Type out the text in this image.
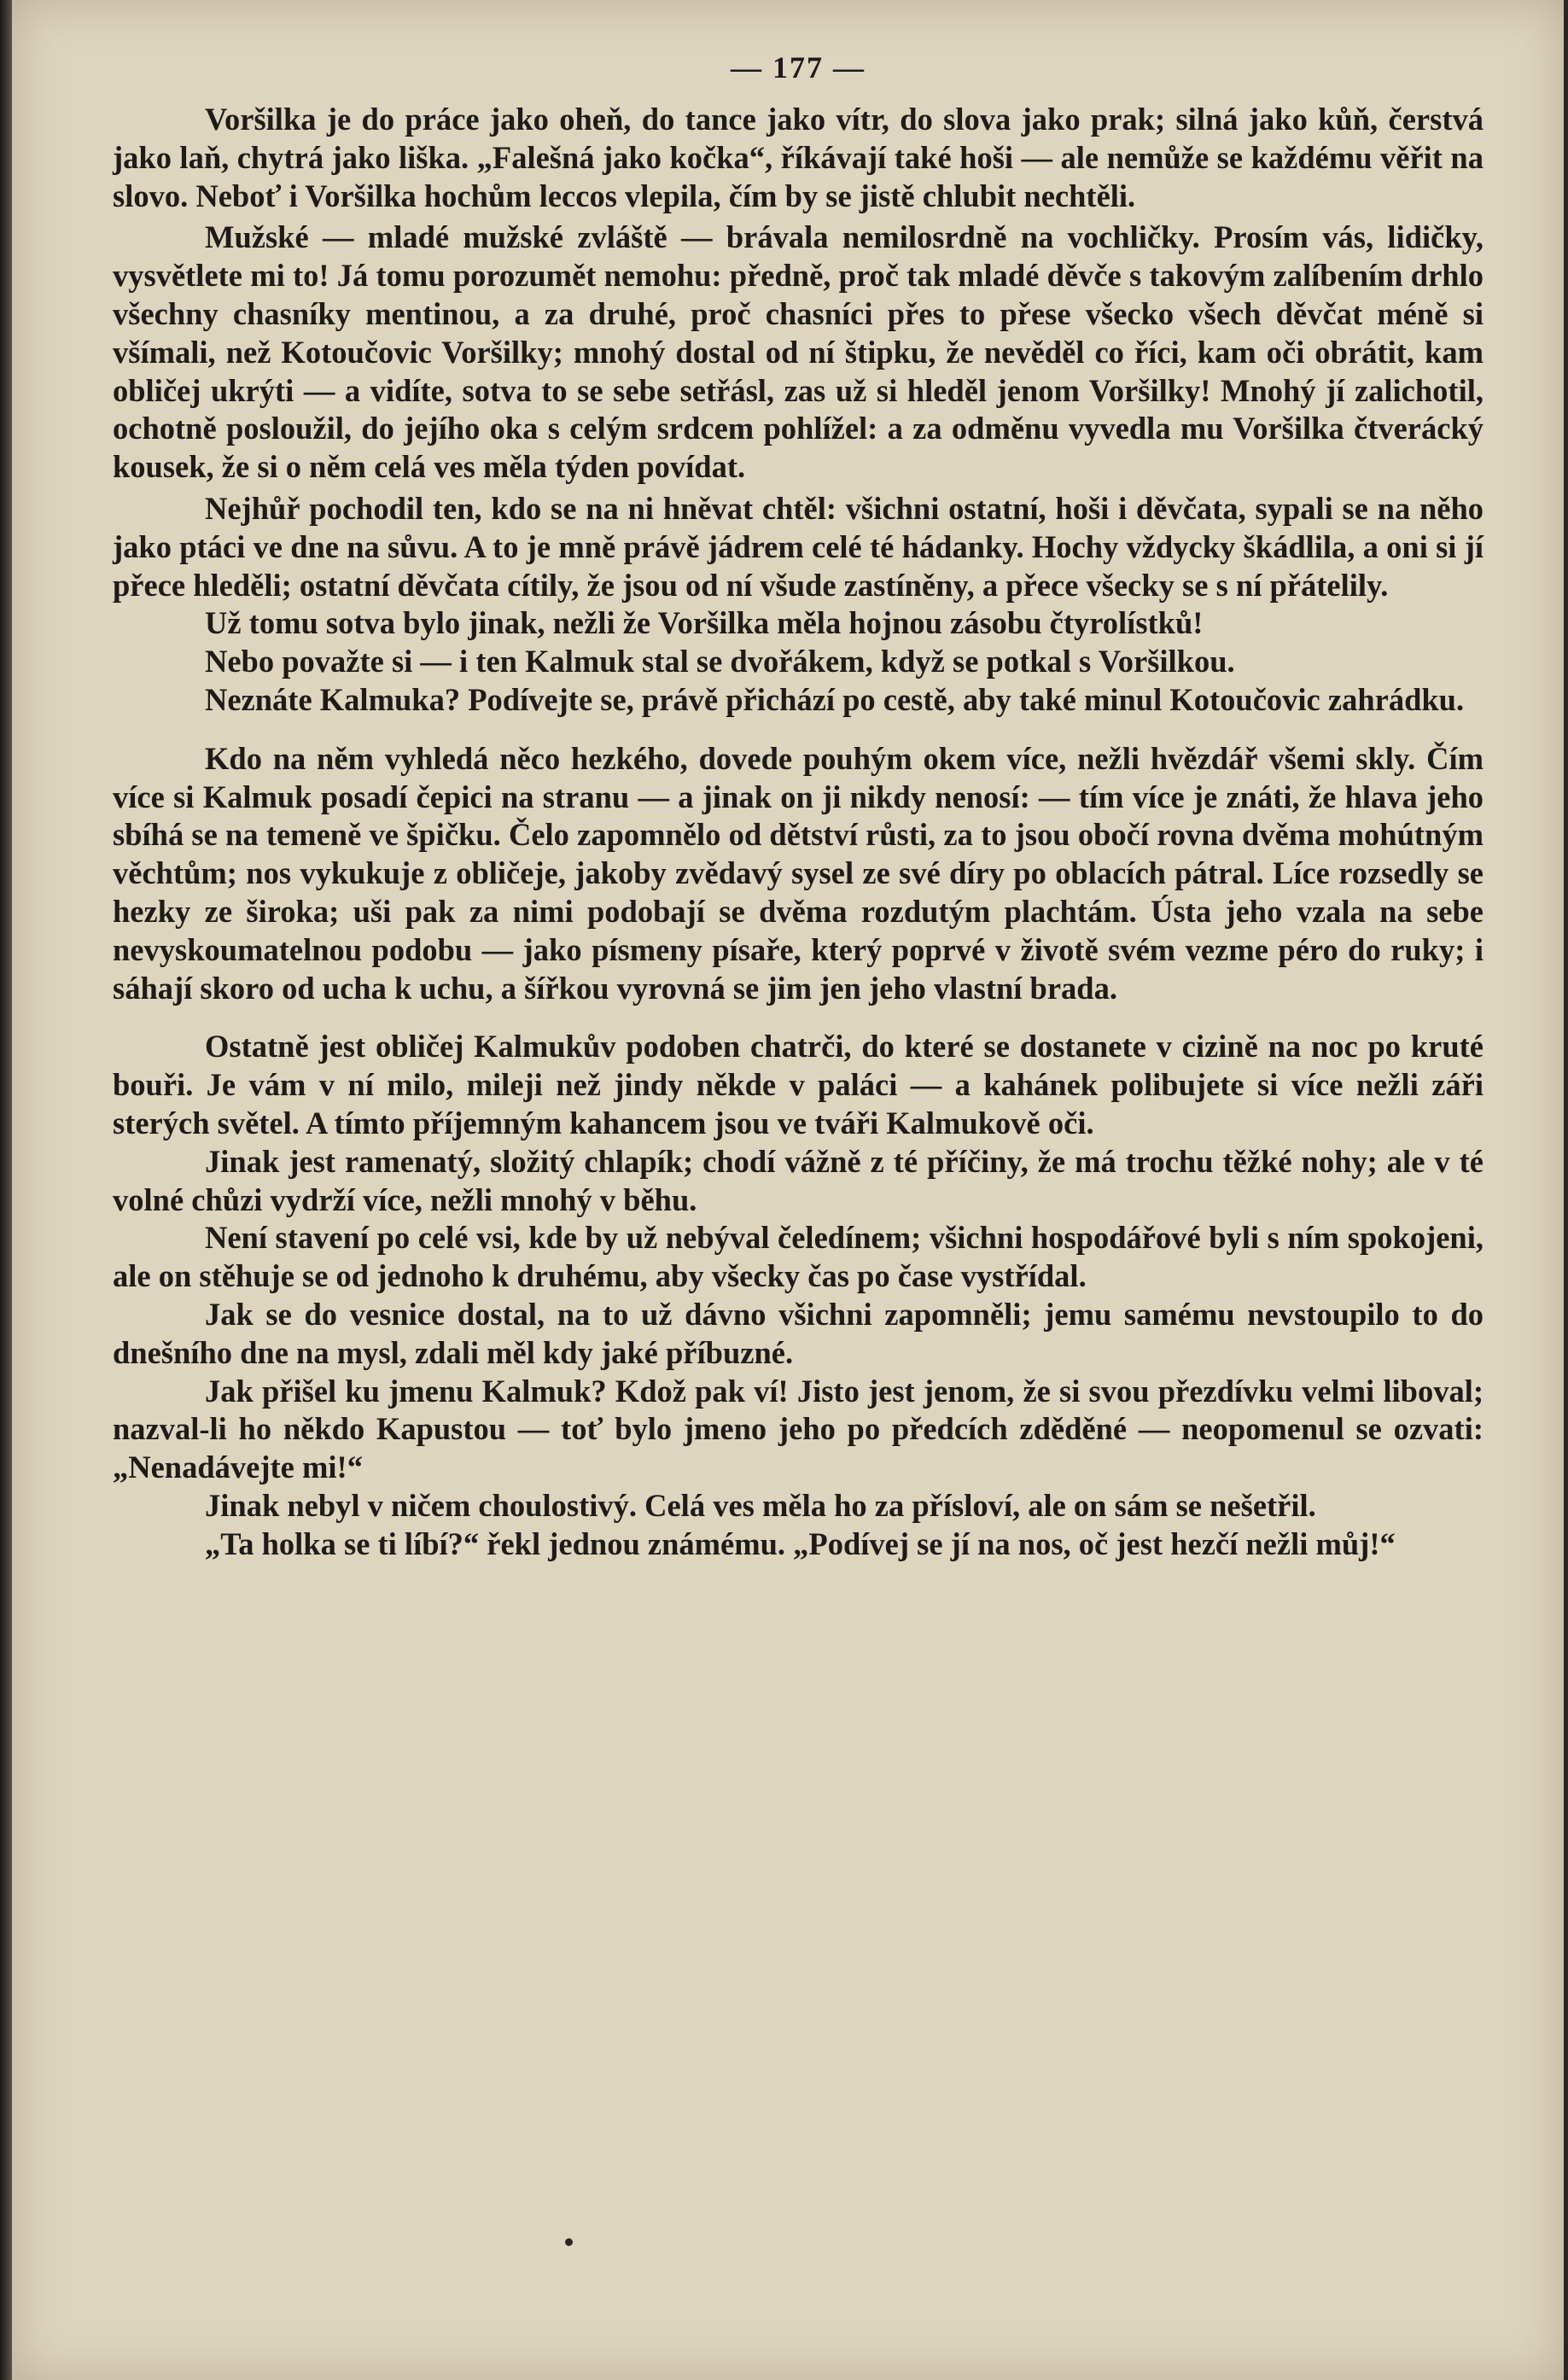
— 177 —

Voršilka je do práce jako oheň, do tance jako vítr, do slova jako prak; silná jako kůň, čerstvá jako laň, chytrá jako liška. „Falešná jako kočka“, říkávají také hoši — ale nemůže se každému věřit na slovo. Neboť i Voršilka hochům leccos vlepila, čím by se jistě chlubit nechtěli.

Mužské — mladé mužské zvláště — brávala nemilosrdně na vochličky. Prosím vás, lidičky, vysvětlete mi to! Já tomu porozumět nemohu: předně, proč tak mladé děvče s takovým zalíbením drhlo všechny chasníky mentinou, a za druhé, proč chasníci přes to přese všecko všech děvčat méně si všímali, než Kotoučovic Voršilky; mnohý dostal od ní štipku, že nevěděl co říci, kam oči obrátit, kam obličej ukrýti — a vidíte, sotva to se sebe setřásl, zas už si hleděl jenom Voršilky! Mnohý jí zalichotil, ochotně posloužil, do jejího oka s celým srdcem pohlížel: a za odměnu vyvedla mu Voršilka čtverácký kousek, že si o něm celá ves měla týden povídat.

Nejhůř pochodil ten, kdo se na ni hněvat chtěl: všichni ostatní, hoši i děvčata, sypali se na něho jako ptáci ve dne na sůvu. A to je mně právě jádrem celé té hádanky. Hochy vždycky škádlila, a oni si jí přece hleděli; ostatní děvčata cítily, že jsou od ní všude zastíněny, a přece všecky se s ní přátelily.

Už tomu sotva bylo jinak, nežli že Voršilka měla hojnou zásobu čtyrolístků!

Nebo považte si — i ten Kalmuk stal se dvořákem, když se potkal s Voršilkou.

Neznáte Kalmuka? Podívejte se, právě přichází po cestě, aby také minul Kotoučovic zahrádku.

Kdo na něm vyhledá něco hezkého, dovede pouhým okem více, nežli hvězdář všemi skly. Čím více si Kalmuk posadí čepici na stranu — a jinak on ji nikdy nenosí: — tím více je znáti, že hlava jeho sbíhá se na temeně ve špičku. Čelo zapomnělo od dětství růsti, za to jsou obočí rovna dvěma mohútným věchtům; nos vykukuje z obličeje, jakoby zvědavý sysel ze své díry po oblacích pátral. Líce rozsedly se hezky ze široka; uši pak za nimi podobají se dvěma rozdutým plachtám. Ústa jeho vzala na sebe nevyskoumatelnou podobu — jako písmeny písaře, který poprvé v životě svém vezme péro do ruky; i sáhají skoro od ucha k uchu, a šířkou vyrovná se jim jen jeho vlastní brada.

Ostatně jest obličej Kalmukův podoben chatrči, do které se dostanete v cizině na noc po kruté bouři. Je vám v ní milo, mileji než jindy někde v paláci — a kahánek polibujete si více nežli záři sterých světel. A tímto příjemným kahancem jsou ve tváři Kalmukově oči.

Jinak jest ramenatý, složitý chlapík; chodí vážně z té příčiny, že má trochu těžké nohy; ale v té volné chůzi vydrží více, nežli mnohý v běhu.

Není stavení po celé vsi, kde by už nebýval čeledínem; všichni hospodářové byli s ním spokojeni, ale on stěhuje se od jednoho k druhému, aby všecky čas po čase vystřídal.

Jak se do vesnice dostal, na to už dávno všichni zapomněli; jemu samému nevstoupilo to do dnešního dne na mysl, zdali měl kdy jaké příbuzné.

Jak přišel ku jmenu Kalmuk? Kdož pak ví! Jisto jest jenom, že si svou přezdívku velmi liboval; nazval-li ho někdo Kapustou — toť bylo jmeno jeho po předcích zděděné — neopomenul se ozvati: „Nenadávejte mi!“

Jinak nebyl v ničem choulostivý. Celá ves měla ho za přísloví, ale on sám se nešetřil.

„Ta holka se ti líbí?“ řekl jednou známému. „Podívej se jí na nos, oč jest hezčí nežli můj!“
